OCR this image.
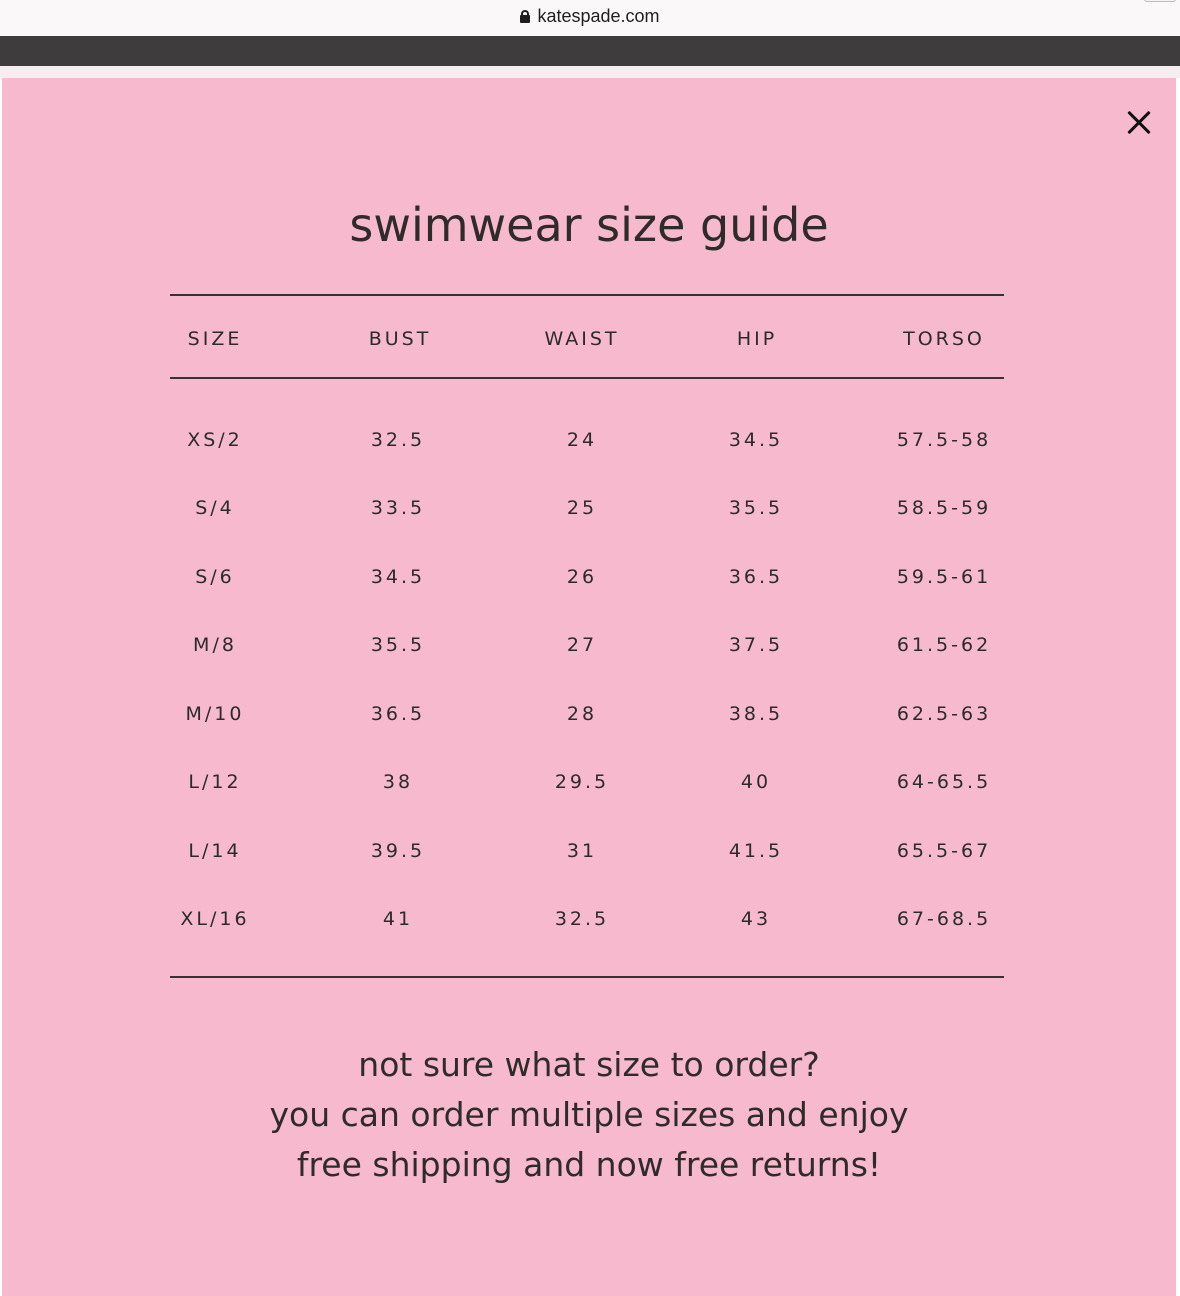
katespade.com
swimwear size guide
SIZE	BUST	WAIST	HIP	TORSO
XS/2	32.5	24	34.5	57.5-58
S/4	33.5	25	35.5	58.5-59
S/6	34.5	26	36.5	59.5-61
M/8	35.5	27	37.5	61.5-62
M/10	36.5	28	38.5	62.5-63
L/12	38	29.5	40	64-65.5
L/14	39.5	31	41.5	65.5-67
XL/16	41	32.5	43	67-68.5
not sure what size to order?
you can order multiple sizes and enjoy
free shipping and now free returns!
